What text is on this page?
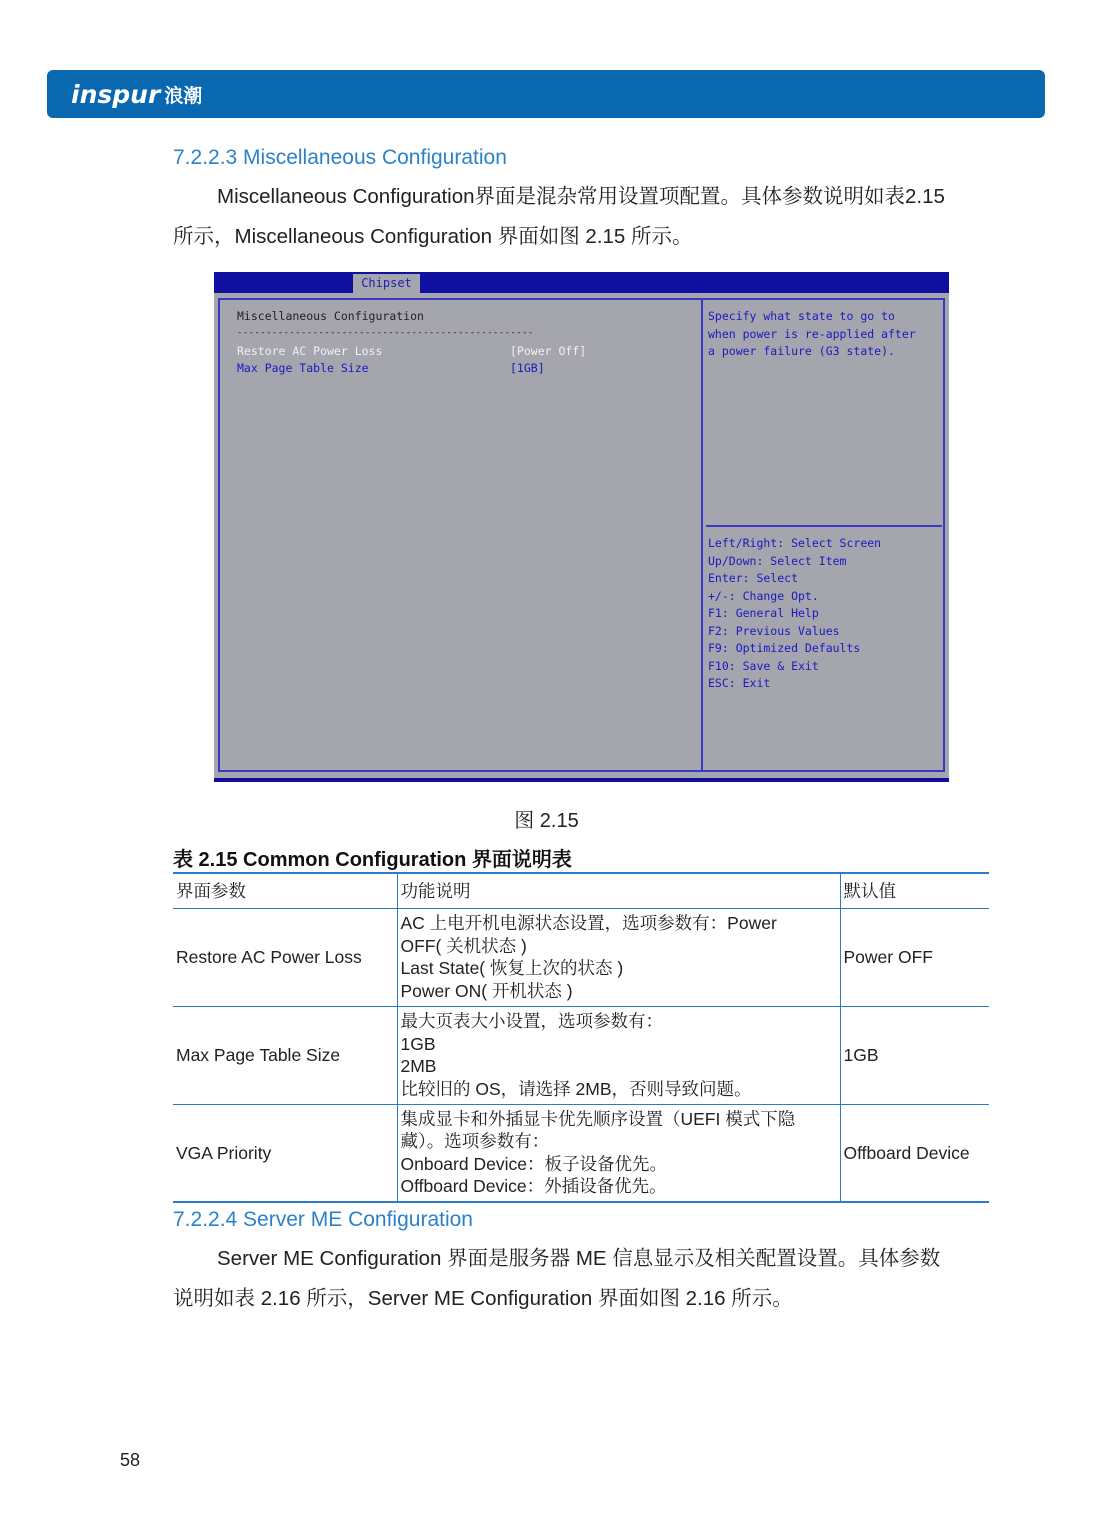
inspur 浪潮
7.2.2.3 Miscellaneous Configuration
Miscellaneous Configuration界面是混杂常用设置项配置。具体参数说明如表2.15
所示，Miscellaneous Configuration 界面如图 2.15 所示。
Chipset
Miscellaneous Configuration
---------------------------------------------------
Restore AC Power Loss	[Power Off]
Max Page Table Size	[1GB]
Specify what state to go to
when power is re-applied after
a power failure (G3 state).
Left/Right: Select Screen
Up/Down: Select Item
Enter: Select
+/-: Change Opt.
F1: General Help
F2: Previous Values
F9: Optimized Defaults
F10: Save & Exit
ESC: Exit
图 2.15
表 2.15 Common Configuration 界面说明表
界面参数	功能说明	默认值
Restore AC Power Loss	AC 上电开机电源状态设置，选项参数有：Power
OFF( 关机状态 )
Last State( 恢复上次的状态 )
Power ON( 开机状态 )	Power OFF
Max Page Table Size	最大页表大小设置，选项参数有：
1GB
2MB
比较旧的 OS，请选择 2MB，否则导致问题。	1GB
VGA Priority	集成显卡和外插显卡优先顺序设置（UEFI 模式下隐
藏）。选项参数有：
Onboard Device：板子设备优先。
Offboard Device：外插设备优先。	Offboard Device
7.2.2.4 Server ME Configuration
Server ME Configuration 界面是服务器 ME 信息显示及相关配置设置。具体参数
说明如表 2.16 所示，Server ME Configuration 界面如图 2.16 所示。
58
